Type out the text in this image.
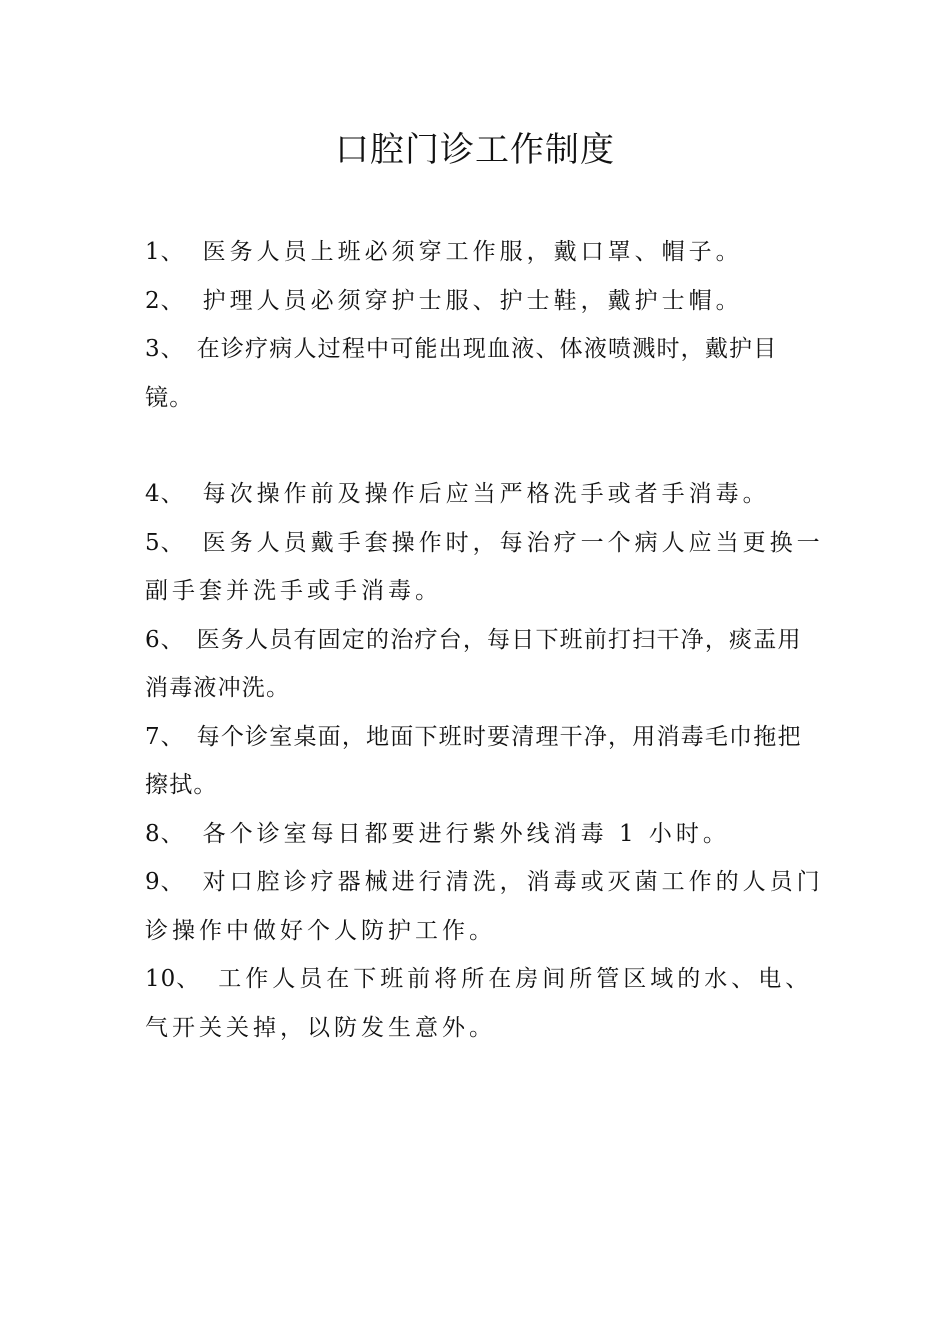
口腔门诊工作制度
1、 医务人员上班必须穿工作服，戴口罩、帽子。
2、 护理人员必须穿护士服、护士鞋，戴护士帽。
3、 在诊疗病人过程中可能出现血液、体液喷溅时，戴护目镜。
4、 每次操作前及操作后应当严格洗手或者手消毒。
5、 医务人员戴手套操作时，每治疗一个病人应当更换一副手套并洗手或手消毒。
6、 医务人员有固定的治疗台，每日下班前打扫干净，痰盂用消毒液冲洗。
7、 每个诊室桌面，地面下班时要清理干净，用消毒毛巾拖把擦拭。
8、 各个诊室每日都要进行紫外线消毒 1 小时。
9、 对口腔诊疗器械进行清洗，消毒或灭菌工作的人员门诊操作中做好个人防护工作。
10、 工作人员在下班前将所在房间所管区域的水、电、气开关关掉，以防发生意外。
